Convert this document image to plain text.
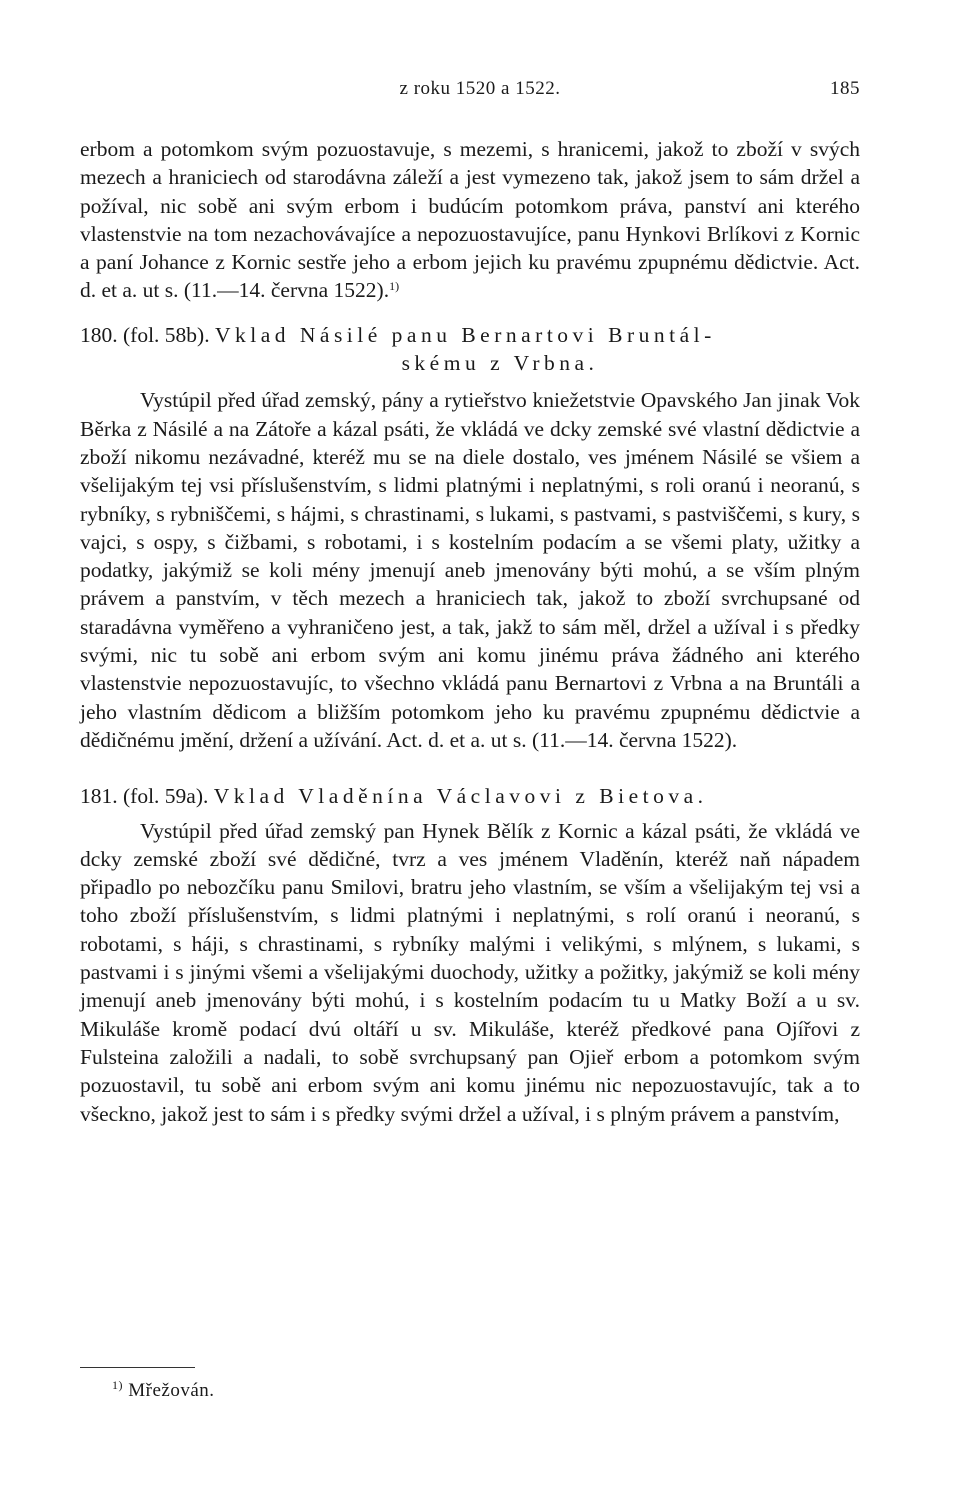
z roku 1520 a 1522.	185

erbom a potomkom svým pozuostavuje, s mezemi, s hranicemi, jakož to zboží v svých mezech a hraniciech od starodávna záleží a jest vymezeno tak, jakož jsem to sám držel a požíval, nic sobě ani svým erbom i budúcím potomkom práva, panství ani kterého vlastenstvie na tom nezachovávajíce a nepozuostavujíce, panu Hynkovi Brlíkovi z Kornic a paní Johance z Kornic sestře jeho a erbom jejich ku pravému zpupnému dědictvie. Act. d. et a. ut s. (11.—14. června 1522).$^{1)}$

180. (fol. 58b). Vklad Násilé panu Bernartovi Bruntál-
skému z Vrbna.

Vystúpil před úřad zemský, pány a rytieřstvo kniežetstvie Opavského Jan jinak Vok Běrka z Násilé a na Zátoře a kázal psáti, že vkládá ve dcky zemské své vlastní dědictvie a zboží nikomu nezávadné, kteréž mu se na diele dostalo, ves jménem Násilé se všiem a všelijakým tej vsi příslušenstvím, s lidmi platnými i neplatnými, s roli oranú i neoranú, s rybníky, s rybniščemi, s hájmi, s chrastinami, s lukami, s pastvami, s pastviščemi, s kury, s vajci, s ospy, s čižbami, s robotami, i s kostelním podacím a se všemi platy, užitky a podatky, jakýmiž se koli mény jmenují aneb jmenovány býti mohú, a se vším plným právem a panstvím, v těch mezech a hraniciech tak, jakož to zboží svrchupsané od staradávna vyměřeno a vyhraničeno jest, a tak, jakž to sám měl, držel a užíval i s předky svými, nic tu sobě ani erbom svým ani komu jinému práva žádného ani kterého vlastenstvie nepozuostavujíc, to všechno vkládá panu Bernartovi z Vrbna a na Bruntáli a jeho vlastním dědicom a bližším potomkom jeho ku pravému zpupnému dědictvie a dědičnému jmění, držení a užívání. Act. d. et a. ut s. (11.—14. června 1522).

181. (fol. 59a). Vklad Vladěnína Václavovi z Bietova.

Vystúpil před úřad zemský pan Hynek Bělík z Kornic a kázal psáti, že vkládá ve dcky zemské zboží své dědičné, tvrz a ves jménem Vladěnín, kteréž naň nápadem připadlo po nebozčíku panu Smilovi, bratru jeho vlastním, se vším a všelijakým tej vsi a toho zboží příslušenstvím, s lidmi platnými i neplatnými, s rolí oranú i neoranú, s robotami, s háji, s chrastinami, s rybníky malými i velikými, s mlýnem, s lukami, s pastvami i s jinými všemi a všelijakými duochody, užitky a požitky, jakýmiž se koli mény jmenují aneb jmenovány býti mohú, i s kostelním podacím tu u Matky Boží a u sv. Mikuláše kromě podací dvú oltáří u sv. Mikuláše, kteréž předkové pana Ojířovi z Fulsteina založili a nadali, to sobě svrchupsaný pan Ojieř erbom a potomkom svým pozuostavil, tu sobě ani erbom svým ani komu jinému nic nepozuostavujíc, tak a to všeckno, jakož jest to sám i s předky svými držel a užíval, i s plným právem a panstvím,

$^{1)}$ Mřežován.
